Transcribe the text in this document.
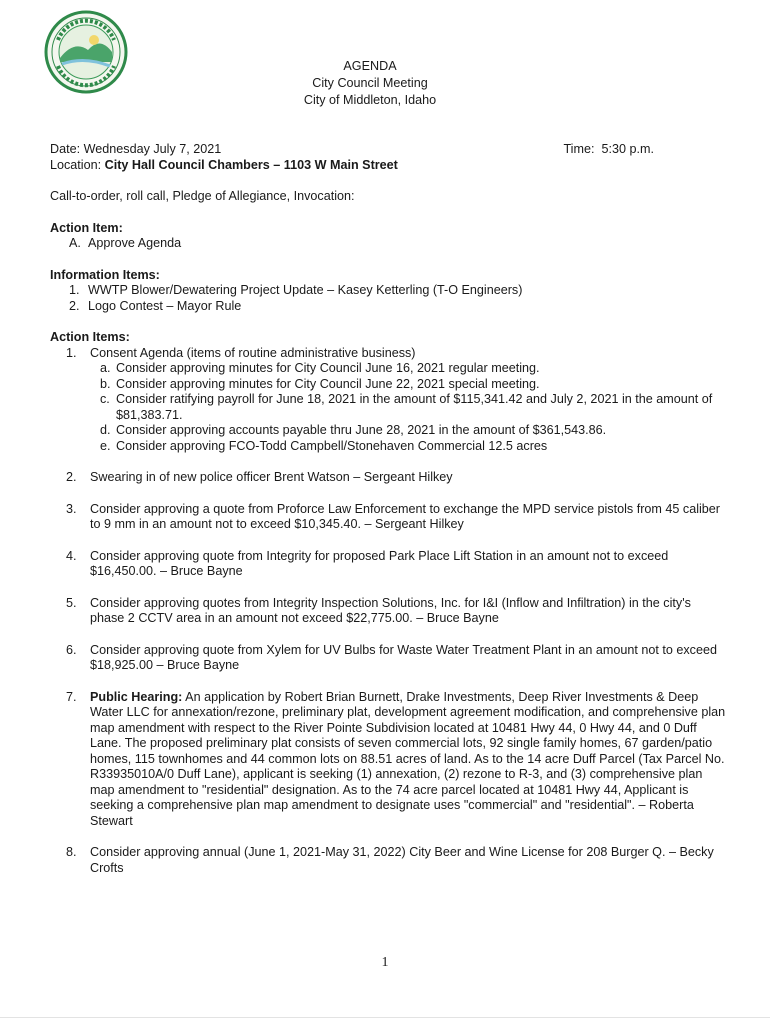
AGENDA
City Council Meeting
City of Middleton, Idaho
Date: Wednesday July 7, 2021	Time: 5:30 p.m.
Location: City Hall Council Chambers – 1103 W Main Street
Call-to-order, roll call, Pledge of Allegiance, Invocation:
Action Item:
A. Approve Agenda
Information Items:
1. WWTP Blower/Dewatering Project Update – Kasey Ketterling (T-O Engineers)
2. Logo Contest – Mayor Rule
Action Items:
1. Consent Agenda (items of routine administrative business)
a. Consider approving minutes for City Council June 16, 2021 regular meeting.
b. Consider approving minutes for City Council June 22, 2021 special meeting.
c. Consider ratifying payroll for June 18, 2021 in the amount of $115,341.42 and July 2, 2021 in the amount of $81,383.71.
d. Consider approving accounts payable thru June 28, 2021 in the amount of $361,543.86.
e. Consider approving FCO-Todd Campbell/Stonehaven Commercial 12.5 acres
2. Swearing in of new police officer Brent Watson – Sergeant Hilkey
3. Consider approving a quote from Proforce Law Enforcement to exchange the MPD service pistols from 45 caliber to 9 mm in an amount not to exceed $10,345.40. – Sergeant Hilkey
4. Consider approving quote from Integrity for proposed Park Place Lift Station in an amount not to exceed $16,450.00. – Bruce Bayne
5. Consider approving quotes from Integrity Inspection Solutions, Inc. for I&I (Inflow and Infiltration) in the city's phase 2 CCTV area in an amount not exceed $22,775.00. – Bruce Bayne
6. Consider approving quote from Xylem for UV Bulbs for Waste Water Treatment Plant in an amount not to exceed $18,925.00 – Bruce Bayne
7. Public Hearing: An application by Robert Brian Burnett, Drake Investments, Deep River Investments & Deep Water LLC for annexation/rezone, preliminary plat, development agreement modification, and comprehensive plan map amendment with respect to the River Pointe Subdivision located at 10481 Hwy 44, 0 Hwy 44, and 0 Duff Lane. The proposed preliminary plat consists of seven commercial lots, 92 single family homes, 67 garden/patio homes, 115 townhomes and 44 common lots on 88.51 acres of land. As to the 14 acre Duff Parcel (Tax Parcel No. R33935010A/0 Duff Lane), applicant is seeking (1) annexation, (2) rezone to R-3, and (3) comprehensive plan map amendment to "residential" designation. As to the 74 acre parcel located at 10481 Hwy 44, Applicant is seeking a comprehensive plan map amendment to designate uses "commercial" and "residential". – Roberta Stewart
8. Consider approving annual (June 1, 2021-May 31, 2022) City Beer and Wine License for 208 Burger Q. – Becky Crofts
1
